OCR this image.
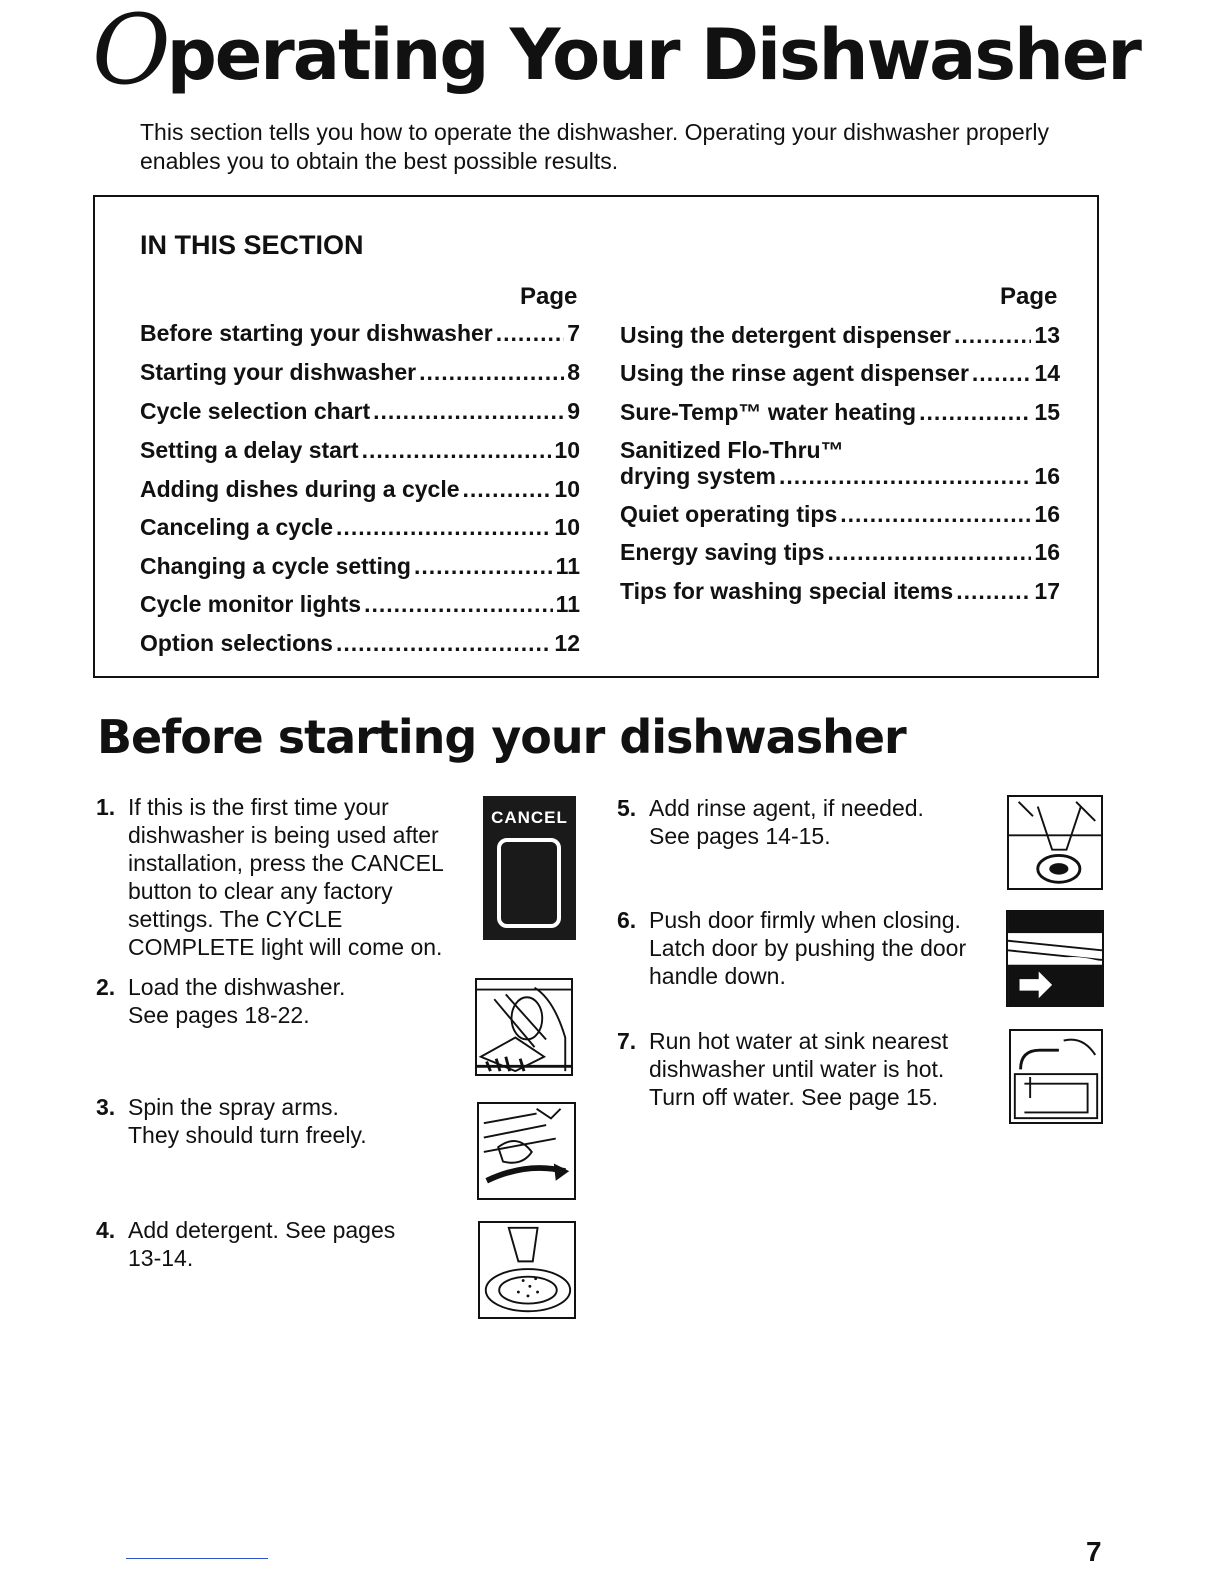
Operating Your Dishwasher
This section tells you how to operate the dishwasher. Operating your dishwasher properly enables you to obtain the best possible results.
IN THIS SECTION
Page	Page
Before starting your dishwasher .....	7
Starting your dishwasher .....	8
Cycle selection chart .....	9
Setting a delay start .....	10
Adding dishes during a cycle .....	10
Canceling a cycle .....	10
Changing a cycle setting .....	11
Cycle monitor lights .....	11
Option selections .....	12
Using the detergent dispenser .....	13
Using the rinse agent dispenser .....	14
Sure-Temp™ water heating .....	15
Sanitized Flo-Thru™
drying system .....	16
Quiet operating tips .....	16
Energy saving tips .....	16
Tips for washing special items .....	17
Before starting your dishwasher
1. If this is the first time your
dishwasher is being used after
installation, press the CANCEL
button to clear any factory
settings. The CYCLE
COMPLETE light will come on.
CANCEL
2. Load the dishwasher.
See pages 18-22.
3. Spin the spray arms.
They should turn freely.
4. Add detergent. See pages
13-14.
5. Add rinse agent, if needed.
See pages 14-15.
6. Push door firmly when closing.
Latch door by pushing the door
handle down.
7. Run hot water at sink nearest
dishwasher until water is hot.
Turn off water. See page 15.
7
